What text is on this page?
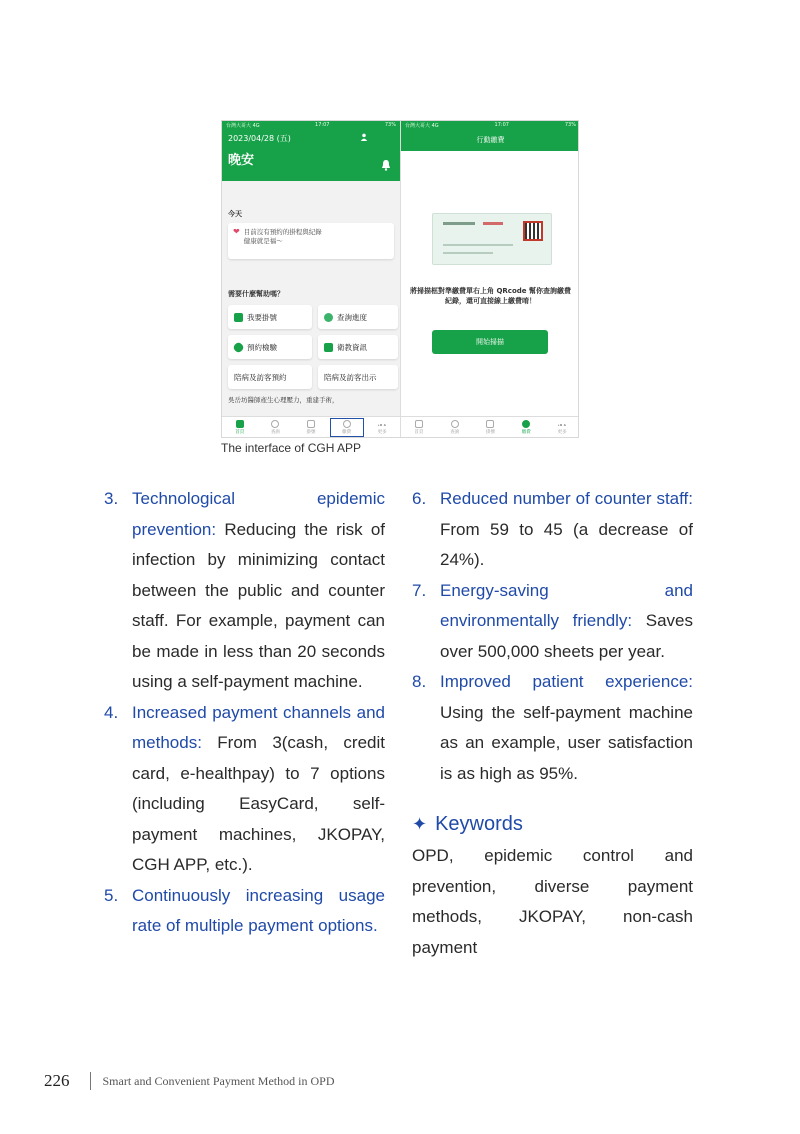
台灣大哥大 4G	17:07	73%
2023/04/28 (五)
晚安
今天
❤ 目前沒有預約的掛程與紀錄
健康就是福～
需要什麼幫助嗎？
我要掛號	查詢進度
預約檢驗	衛教資訊
陪病及訪客預約	陪病及訪客出示
吳岳坊醫師產生心理壓力，重建手術，
首頁	查詢	掛號	繳費	更多
台灣大哥大 4G	17:07	73%
行動繳費
將掃描框對準繳費單右上角 QRcode 幫你查詢繳費紀錄，還可直接線上繳費唷！
開始掃描
首頁	查詢	掛號	繳費	更多
The interface of CGH APP
3. Technological epidemic prevention: Reducing the risk of infection by minimizing contact between the public and counter staff. For example, payment can be made in less than 20 seconds using a self-payment machine.
4. Increased payment channels and methods: From 3(cash, credit card, e-healthpay) to 7 options (including EasyCard, self-payment machines, JKOPAY, CGH APP, etc.).
5. Continuously increasing usage rate of multiple payment options.
6. Reduced number of counter staff: From 59 to 45 (a decrease of 24%).
7. Energy-saving and environmentally friendly: Saves over 500,000 sheets per year.
8. Improved patient experience: Using the self-payment machine as an example, user satisfaction is as high as 95%.
✦ Keywords
OPD, epidemic control and prevention, diverse payment methods, JKOPAY, non-cash payment
226	Smart and Convenient Payment Method in OPD
